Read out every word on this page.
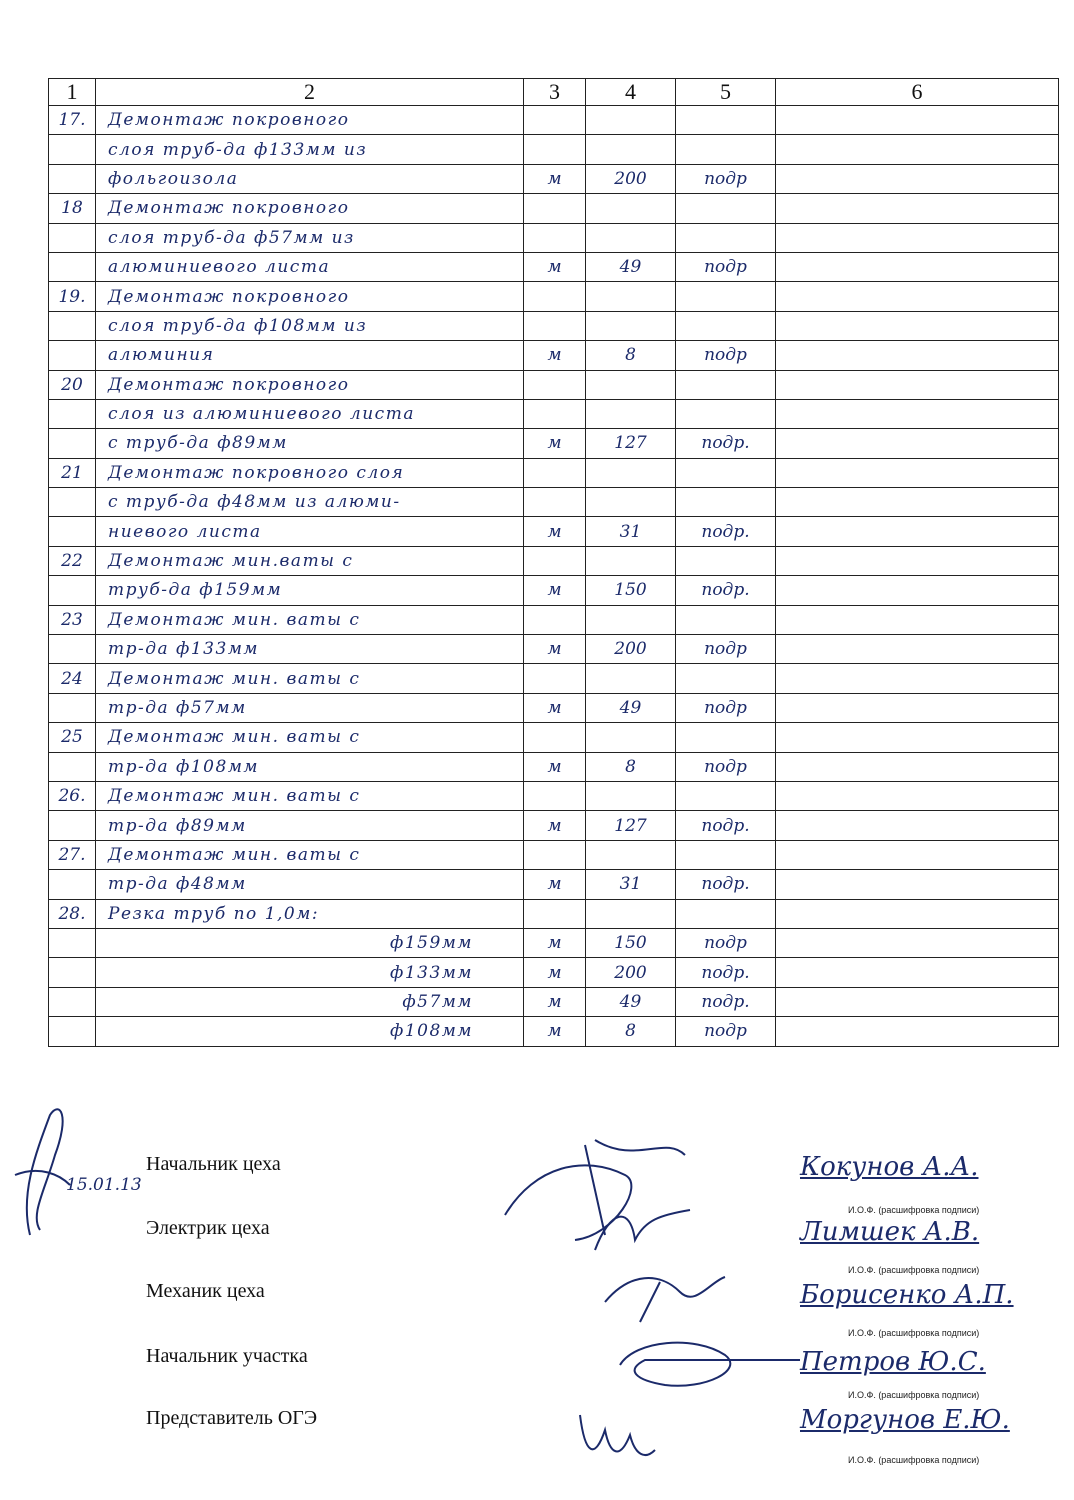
1	2	3	4	5	6
17.	Демонтаж покровного				
	слоя труб-да ф133мм из				
	фольгоизола	м	200	подр	
18	Демонтаж покровного				
	слоя труб-да ф57мм из				
	алюминиевого листа	м	49	подр	
19.	Демонтаж покровного				
	слоя труб-да ф108мм из				
	алюминия	м	8	подр	
20	Демонтаж покровного				
	слоя из алюминиевого листа				
	с труб-да ф89мм	м	127	подр.	
21	Демонтаж покровного слоя				
	с труб-да ф48мм из алюми-				
	ниевого листа	м	31	подр.	
22	Демонтаж мин.ваты с				
	труб-да ф159мм	м	150	подр.	
23	Демонтаж мин. ваты с				
	тр-да ф133мм	м	200	подр	
24	Демонтаж мин. ваты с				
	тр-да ф57мм	м	49	подр	
25	Демонтаж мин. ваты с				
	тр-да ф108мм	м	8	подр	
26.	Демонтаж мин. ваты с				
	тр-да ф89мм	м	127	подр.	
27.	Демонтаж мин. ваты с				
	тр-да ф48мм	м	31	подр.	
28.	Резка труб по 1,0м:				
	ф159мм	м	150	подр	
	ф133мм	м	200	подр.	
	ф57мм	м	49	подр.	
	ф108мм	м	8	подр	
15.01.13
Начальник цеха	Кокунов А.А.
И.О.Ф. (расшифровка подписи)
Электрик цеха	Лимшек А.В.
И.О.Ф. (расшифровка подписи)
Механик цеха	Борисенко А.П.
И.О.Ф. (расшифровка подписи)
Начальник участка	Петров Ю.С.
И.О.Ф. (расшифровка подписи)
Представитель ОГЭ	Моргунов Е.Ю.
И.О.Ф. (расшифровка подписи)
